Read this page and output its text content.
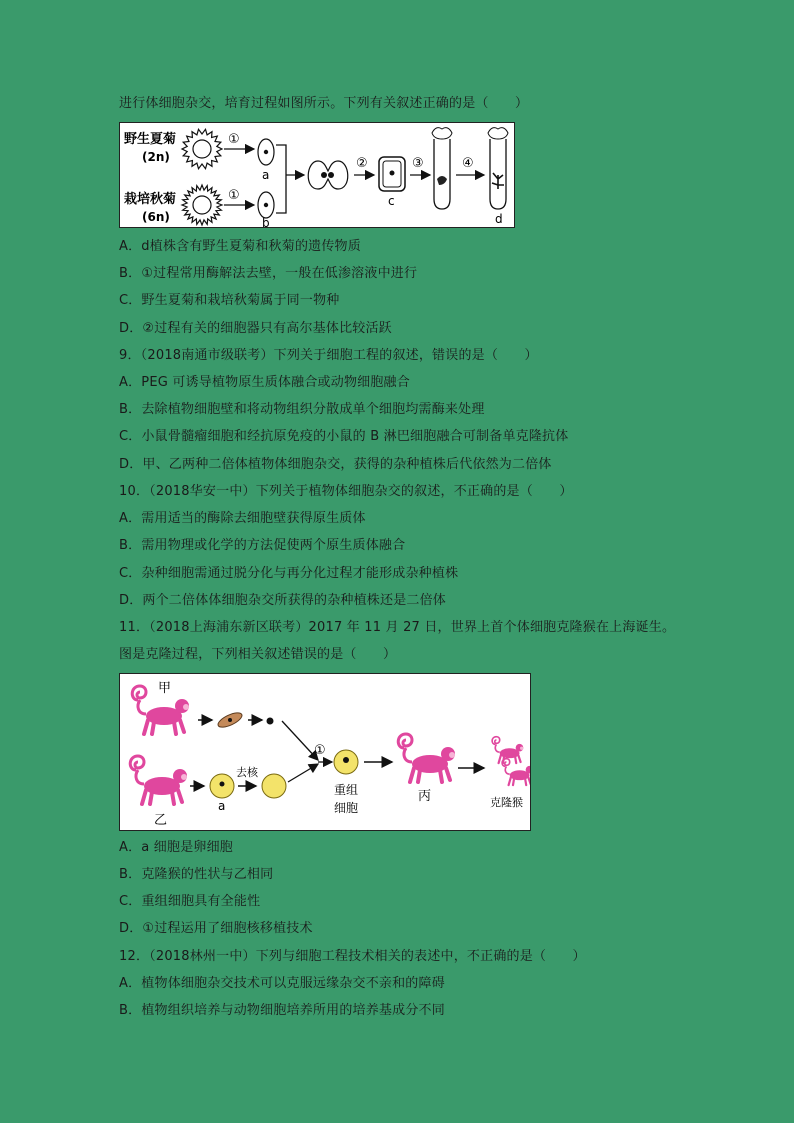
进行体细胞杂交，培育过程如图所示。下列有关叙述正确的是（　　）
野生夏菊
(2n)
栽培秋菊
(6n)
①
①
a
b
②
c
③	④
d
A．d植株含有野生夏菊和秋菊的遗传物质
B．①过程常用酶解法去壁，一般在低渗溶液中进行
C．野生夏菊和栽培秋菊属于同一物种
D．②过程有关的细胞器只有高尔基体比较活跃
9．（2018南通市级联考）下列关于细胞工程的叙述，错误的是（　　）
A．PEG 可诱导植物原生质体融合或动物细胞融合
B．去除植物细胞壁和将动物组织分散成单个细胞均需酶来处理
C．小鼠骨髓瘤细胞和经抗原免疫的小鼠的 B 淋巴细胞融合可制备单克隆抗体
D．甲、乙两种二倍体植物体细胞杂交，获得的杂种植株后代依然为二倍体
10．（2018华安一中）下列关于植物体细胞杂交的叙述，不正确的是（　　）
A．需用适当的酶除去细胞壁获得原生质体
B．需用物理或化学的方法促使两个原生质体融合
C．杂种细胞需通过脱分化与再分化过程才能形成杂种植株
D．两个二倍体体细胞杂交所获得的杂种植株还是二倍体
11．（2018上海浦东新区联考）2017 年 11 月 27 日，世界上首个体细胞克隆猴在上海诞生。
图是克隆过程，下列相关叙述错误的是（　　）
甲
乙
a
去核
①
重组
细胞
丙	克隆猴
A．a 细胞是卵细胞
B．克隆猴的性状与乙相同
C．重组细胞具有全能性
D．①过程运用了细胞核移植技术
12．（2018林州一中）下列与细胞工程技术相关的表述中，不正确的是（　　）
A．植物体细胞杂交技术可以克服远缘杂交不亲和的障碍
B．植物组织培养与动物细胞培养所用的培养基成分不同
